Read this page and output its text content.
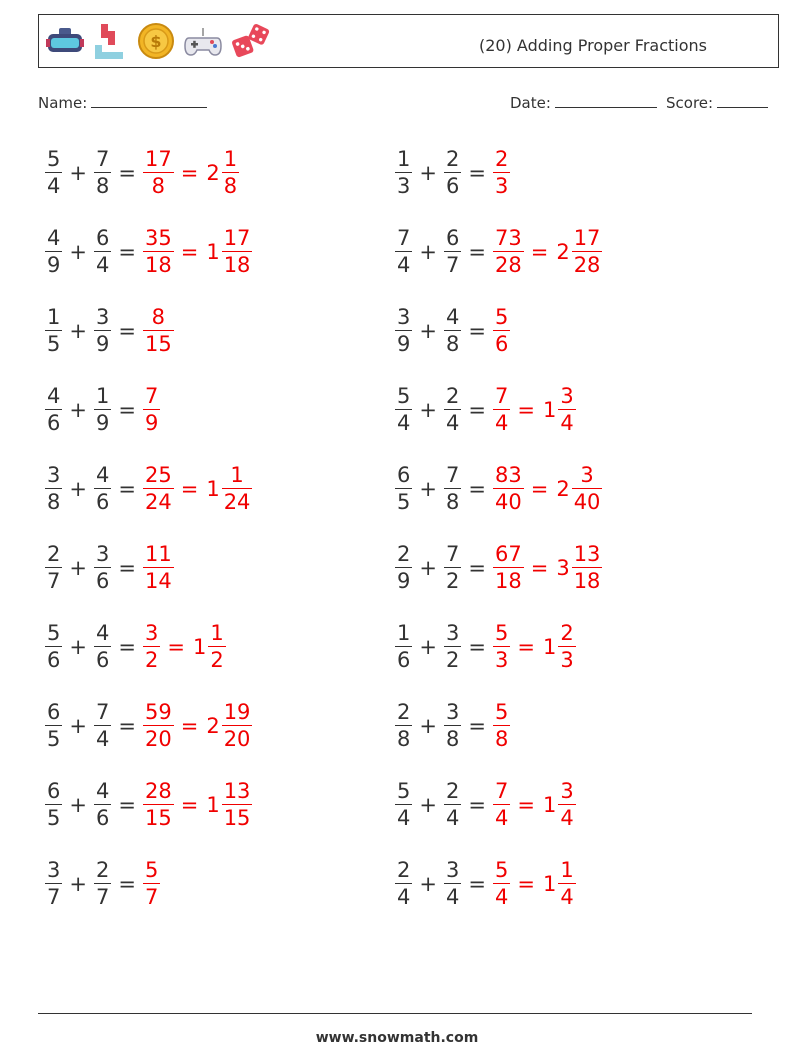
$	(20) Adding Proper Fractions
Name:	Date:	Score:
$\frac{5}{4} + \frac{7}{8} = \frac{17}{8} = 2 \frac{1}{8}$	$\frac{1}{3} + \frac{2}{6} = \frac{2}{3}$
$\frac{4}{9} + \frac{6}{4} = \frac{35}{18} = 1 \frac{17}{18}$	$\frac{7}{4} + \frac{6}{7} = \frac{73}{28} = 2 \frac{17}{28}$
$\frac{1}{5} + \frac{3}{9} = \frac{8}{15}$	$\frac{3}{9} + \frac{4}{8} = \frac{5}{6}$
$\frac{4}{6} + \frac{1}{9} = \frac{7}{9}$	$\frac{5}{4} + \frac{2}{4} = \frac{7}{4} = 1 \frac{3}{4}$
$\frac{3}{8} + \frac{4}{6} = \frac{25}{24} = 1 \frac{1}{24}$	$\frac{6}{5} + \frac{7}{8} = \frac{83}{40} = 2 \frac{3}{40}$
$\frac{2}{7} + \frac{3}{6} = \frac{11}{14}$	$\frac{2}{9} + \frac{7}{2} = \frac{67}{18} = 3 \frac{13}{18}$
$\frac{5}{6} + \frac{4}{6} = \frac{3}{2} = 1 \frac{1}{2}$	$\frac{1}{6} + \frac{3}{2} = \frac{5}{3} = 1 \frac{2}{3}$
$\frac{6}{5} + \frac{7}{4} = \frac{59}{20} = 2 \frac{19}{20}$	$\frac{2}{8} + \frac{3}{8} = \frac{5}{8}$
$\frac{6}{5} + \frac{4}{6} = \frac{28}{15} = 1 \frac{13}{15}$	$\frac{5}{4} + \frac{2}{4} = \frac{7}{4} = 1 \frac{3}{4}$
$\frac{3}{7} + \frac{2}{7} = \frac{5}{7}$	$\frac{2}{4} + \frac{3}{4} = \frac{5}{4} = 1 \frac{1}{4}$
www.snowmath.com
